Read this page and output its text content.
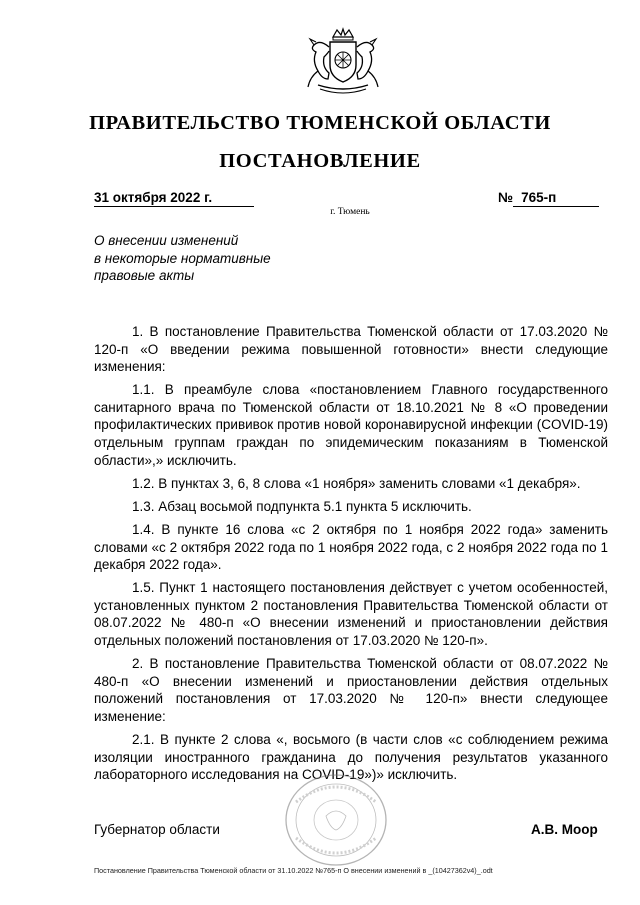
ПРАВИТЕЛЬСТВО ТЮМЕНСКОЙ ОБЛАСТИ
ПОСТАНОВЛЕНИЕ
31 октября 2022 г.	№ 765-п
г. Тюмень
О внесении изменений
в некоторые нормативные
правовые акты

1. В постановление Правительства Тюменской области от 17.03.2020 № 120-п «О введении режима повышенной готовности» внести следующие изменения:

1.1. В преамбуле слова «постановлением Главного государственного санитарного врача по Тюменской области от 18.10.2021 № 8 «О проведении профилактических прививок против новой коронавирусной инфекции (COVID-19) отдельным группам граждан по эпидемическим показаниям в Тюменской области»,» исключить.

1.2. В пунктах 3, 6, 8 слова «1 ноября» заменить словами «1 декабря».

1.3. Абзац восьмой подпункта 5.1 пункта 5 исключить.

1.4. В пункте 16 слова «с 2 октября по 1 ноября 2022 года» заменить словами «с 2 октября 2022 года по 1 ноября 2022 года, с 2 ноября 2022 года по 1 декабря 2022 года».

1.5. Пункт 1 настоящего постановления действует с учетом особенностей, установленных пунктом 2 постановления Правительства Тюменской области от 08.07.2022 № 480-п «О внесении изменений и приостановлении действия отдельных положений постановления от 17.03.2020 № 120-п».

2. В постановление Правительства Тюменской области от 08.07.2022 № 480-п «О внесении изменений и приостановлении действия отдельных положений постановления от 17.03.2020 № 120-п» внести следующее изменение:

2.1. В пункте 2 слова «, восьмого (в части слов «с соблюдением режима изоляции иностранного гражданина до получения результатов указанного лабораторного исследования на COVID-19»)» исключить.

Губернатор области	А.В. Моор
Постановление Правительства Тюменской области от 31.10.2022 №765-п О внесении изменений в _(10427362v4)_.odt
